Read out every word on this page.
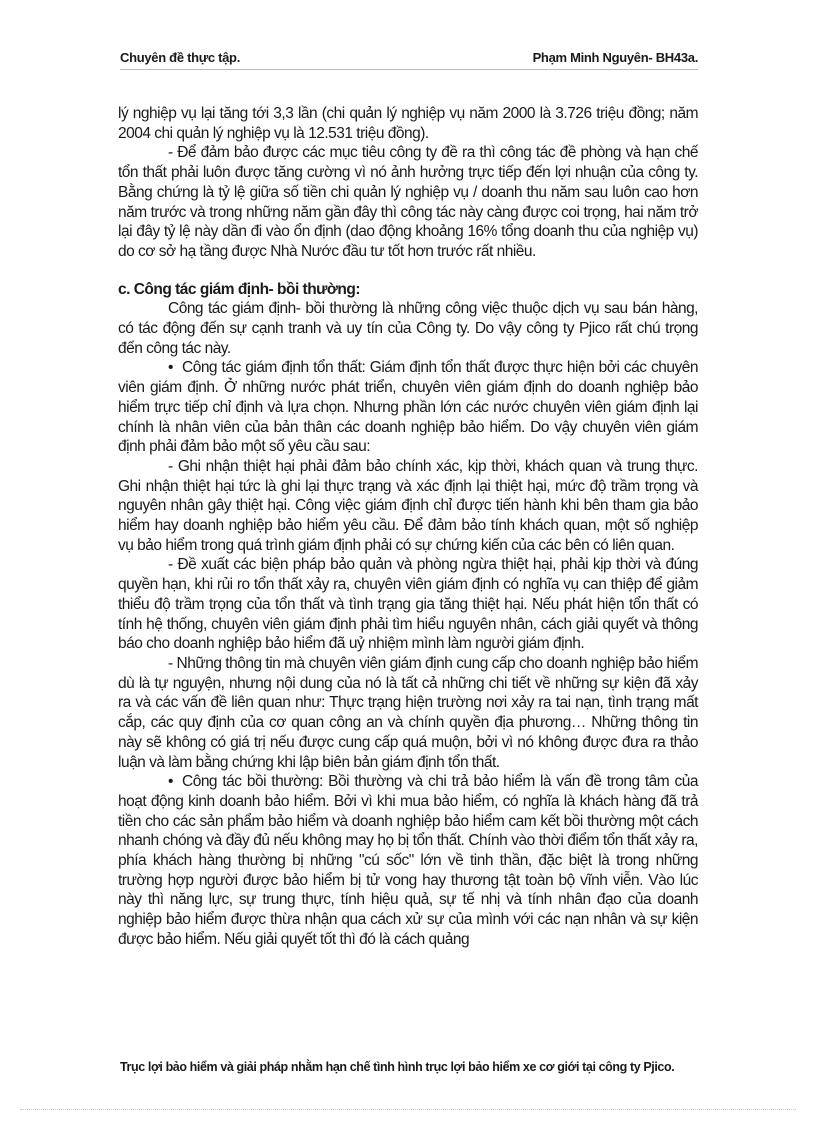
Chuyên đề thực tập.	Phạm Minh Nguyên- BH43a.

lý nghiệp vụ lại tăng tới 3,3 lần (chi quản lý nghiệp vụ năm 2000 là 3.726 triệu đồng; năm 2004 chi quản lý nghiệp vụ là 12.531 triệu đồng).

- Để đảm bảo được các mục tiêu công ty đề ra thì công tác đề phòng và hạn chế tổn thất phải luôn được tăng cường vì nó ảnh hưởng trực tiếp đến lợi nhuận của công ty. Bằng chứng là tỷ lệ giữa số tiền chi quản lý nghiệp vụ / doanh thu năm sau luôn cao hơn năm trước và trong những năm gần đây thì công tác này càng được coi trọng, hai năm trở lại đây tỷ lệ này dần đi vào ổn định (dao động khoảng 16% tổng doanh thu của nghiệp vụ) do cơ sở hạ tầng được Nhà Nước đầu tư tốt hơn trước rất nhiều.

c. Công tác giám định- bồi thường:

Công tác giám định- bồi thường là những công việc thuộc dịch vụ sau bán hàng, có tác động đến sự cạnh tranh và uy tín của Công ty. Do vậy công ty Pjico rất chú trọng đến công tác này.

• Công tác giám định tổn thất: Giám định tổn thất được thực hiện bởi các chuyên viên giám định. Ở những nước phát triển, chuyên viên giám định do doanh nghiệp bảo hiểm trực tiếp chỉ định và lựa chọn. Nhưng phần lớn các nước chuyên viên giám định lại chính là nhân viên của bản thân các doanh nghiệp bảo hiểm. Do vậy chuyên viên giám định phải đảm bảo một số yêu cầu sau:

- Ghi nhận thiệt hại phải đảm bảo chính xác, kịp thời, khách quan và trung thực. Ghi nhận thiệt hại tức là ghi lại thực trạng và xác định lại thiệt hại, mức độ trầm trọng và nguyên nhân gây thiệt hại. Công việc giám định chỉ được tiến hành khi bên tham gia bảo hiểm hay doanh nghiệp bảo hiểm yêu cầu. Để đảm bảo tính khách quan, một số nghiệp vụ bảo hiểm trong quá trình giám định phải có sự chứng kiến của các bên có liên quan.

- Đề xuất các biện pháp bảo quản và phòng ngừa thiệt hại, phải kịp thời và đúng quyền hạn, khi rủi ro tổn thất xảy ra, chuyên viên giám định có nghĩa vụ can thiệp để giảm thiểu độ trầm trọng của tổn thất và tình trạng gia tăng thiệt hại. Nếu phát hiện tổn thất có tính hệ thống, chuyên viên giám định phải tìm hiểu nguyên nhân, cách giải quyết và thông báo cho doanh nghiệp bảo hiểm đã uỷ nhiệm mình làm người giám định.

- Những thông tin mà chuyên viên giám định cung cấp cho doanh nghiệp bảo hiểm dù là tự nguyện, nhưng nội dung của nó là tất cả những chi tiết về những sự kiện đã xảy ra và các vấn đề liên quan như: Thực trạng hiện trường nơi xảy ra tai nạn, tình trạng mất cắp, các quy định của cơ quan công an và chính quyền địa phương… Những thông tin này sẽ không có giá trị nếu được cung cấp quá muộn, bởi vì nó không được đưa ra thảo luận và làm bằng chứng khi lập biên bản giám định tổn thất.

• Công tác bồi thường: Bồi thường và chi trả bảo hiểm là vấn đề trong tâm của hoạt động kinh doanh bảo hiểm. Bởi vì khi mua bảo hiểm, có nghĩa là khách hàng đã trả tiền cho các sản phẩm bảo hiểm và doanh nghiệp bảo hiểm cam kết bồi thường một cách nhanh chóng và đầy đủ nếu không may họ bị tổn thất. Chính vào thời điểm tổn thất xảy ra, phía khách hàng thường bị những "cú sốc" lớn về tinh thần, đặc biệt là trong những trường hợp người được bảo hiểm bị tử vong hay thương tật toàn bộ vĩnh viễn. Vào lúc này thì năng lực, sự trung thực, tính hiệu quả, sự tế nhị và tính nhân đạo của doanh nghiệp bảo hiểm được thừa nhận qua cách xử sự của mình với các nạn nhân và sự kiện được bảo hiểm. Nếu giải quyết tốt thì đó là cách quảng

Trục lợi bảo hiểm và giải pháp nhằm hạn chế tình hình trục lợi bảo hiểm xe cơ giới tại công ty Pjico.
